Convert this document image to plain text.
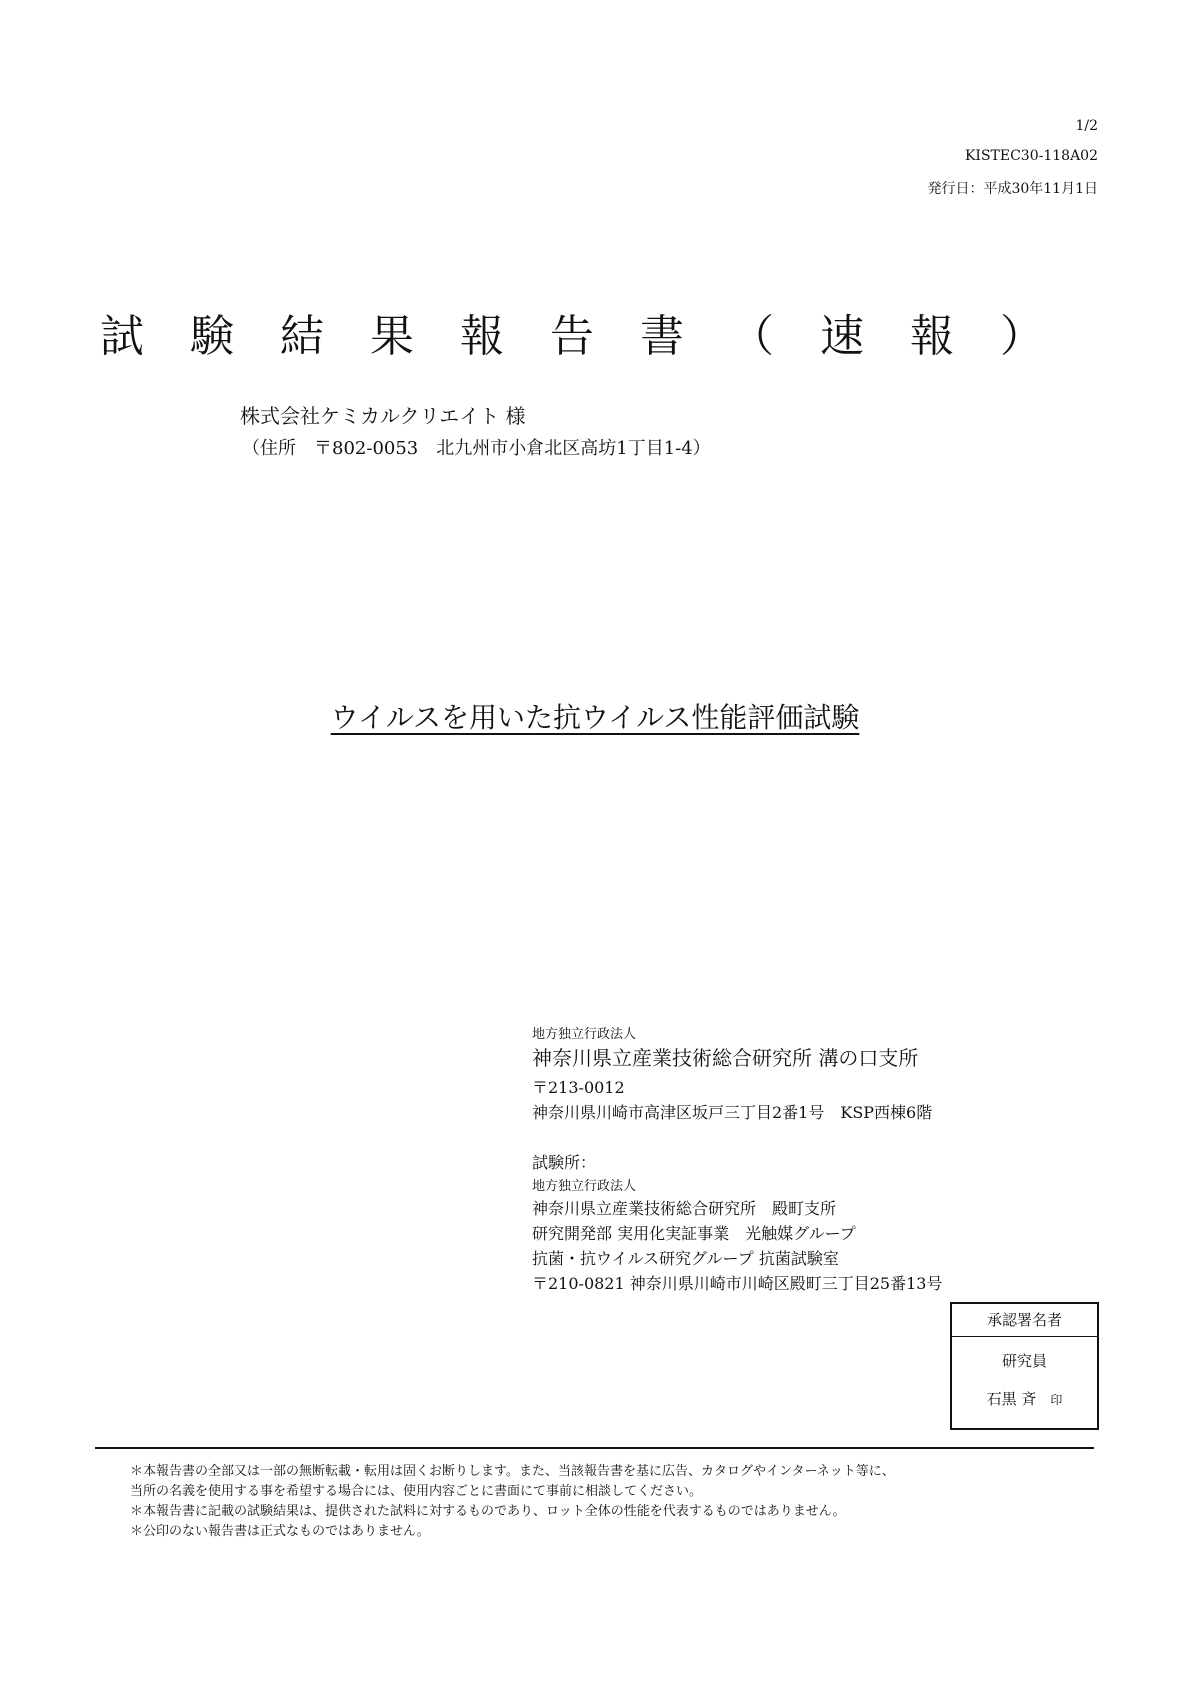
1/2
KISTEC30-118A02
発行日：平成30年11月1日
試験結果報告書（速報）
株式会社ケミカルクリエイト 様
（住所　〒802-0053　北九州市小倉北区高坊1丁目1-4）
ウイルスを用いた抗ウイルス性能評価試験
地方独立行政法人
神奈川県立産業技術総合研究所 溝の口支所
〒213-0012
神奈川県川崎市高津区坂戸三丁目2番1号　KSP西棟6階
試験所：
地方独立行政法人
神奈川県立産業技術総合研究所　殿町支所
研究開発部 実用化実証事業　光触媒グループ
抗菌・抗ウイルス研究グループ 抗菌試験室
〒210-0821 神奈川県川崎市川崎区殿町三丁目25番13号
承認署名者
研究員
石黒 斉 印
＊本報告書の全部又は一部の無断転載・転用は固くお断りします。また、当該報告書を基に広告、カタログやインターネット等に、
当所の名義を使用する事を希望する場合には、使用内容ごとに書面にて事前に相談してください。
＊本報告書に記載の試験結果は、提供された試料に対するものであり、ロット全体の性能を代表するものではありません。
＊公印のない報告書は正式なものではありません。
